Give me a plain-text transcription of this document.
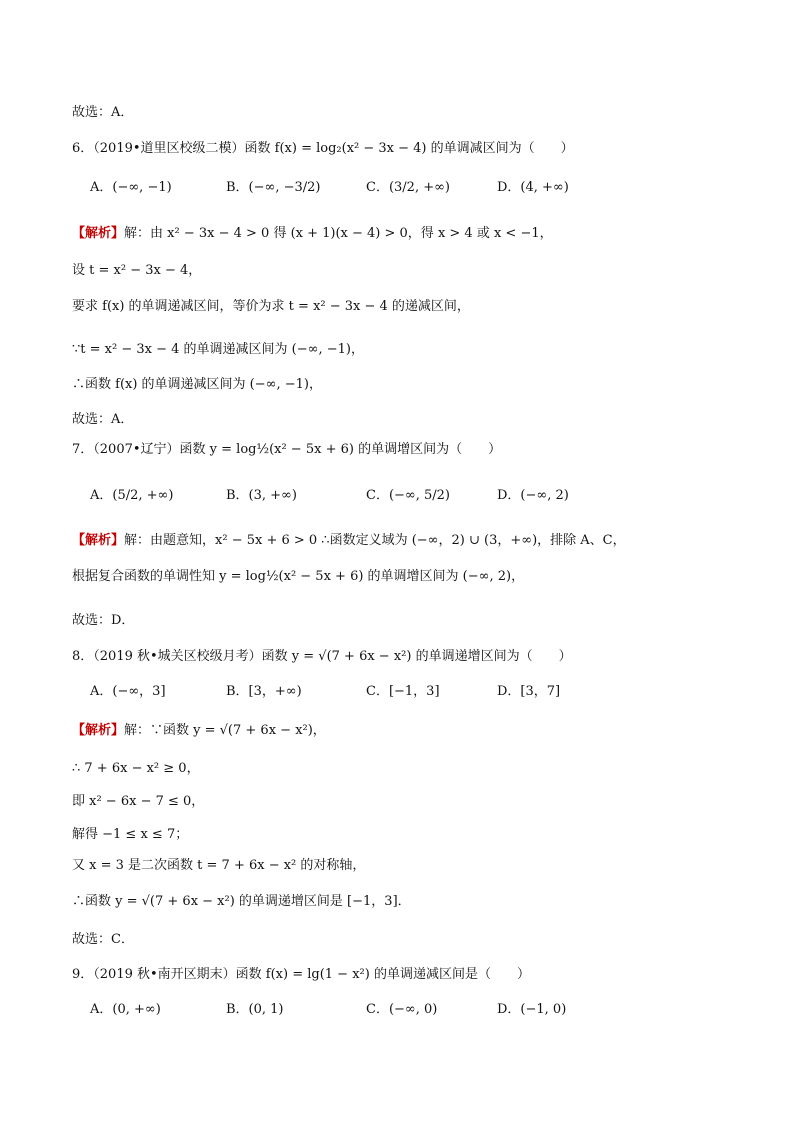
故选：A．
6．（2019•道里区校级二模）函数 f(x) = log₂(x² − 3x − 4) 的单调减区间为（　　）
A．(−∞, −1)	B．(−∞, −3/2)	C．(3/2, +∞)	D．(4, +∞)
【解析】解：由 x² − 3x − 4 > 0 得 (x + 1)(x − 4) > 0，得 x > 4 或 x < −1，
设 t = x² − 3x − 4，
要求 f(x) 的单调递减区间，等价为求 t = x² − 3x − 4 的递减区间，
∵t = x² − 3x − 4 的单调递减区间为 (−∞, −1)，
∴函数 f(x) 的单调递减区间为 (−∞, −1)，
故选：A．
7．（2007•辽宁）函数 y = log½(x² − 5x + 6) 的单调增区间为（　　）
A．(5/2, +∞)	B．(3, +∞)	C．(−∞, 5/2)	D．(−∞, 2)
【解析】解：由题意知，x² − 5x + 6 > 0 ∴函数定义域为 (−∞，2) ∪ (3，+∞)，排除 A、C，
根据复合函数的单调性知 y = log½(x² − 5x + 6) 的单调增区间为 (−∞, 2)，
故选：D．
8．（2019 秋•城关区校级月考）函数 y = √(7 + 6x − x²) 的单调递增区间为（　　）
A．(−∞，3]	B．[3，+∞)	C．[−1，3]	D．[3，7]
【解析】解：∵函数 y = √(7 + 6x − x²)，
∴ 7 + 6x − x² ≥ 0，
即 x² − 6x − 7 ≤ 0，
解得 −1 ≤ x ≤ 7；
又 x = 3 是二次函数 t = 7 + 6x − x² 的对称轴，
∴函数 y = √(7 + 6x − x²) 的单调递增区间是 [−1，3]．
故选：C．
9．（2019 秋•南开区期末）函数 f(x) = lg(1 − x²) 的单调递减区间是（　　）
A．(0, +∞)	B．(0, 1)	C．(−∞, 0)	D．(−1, 0)
